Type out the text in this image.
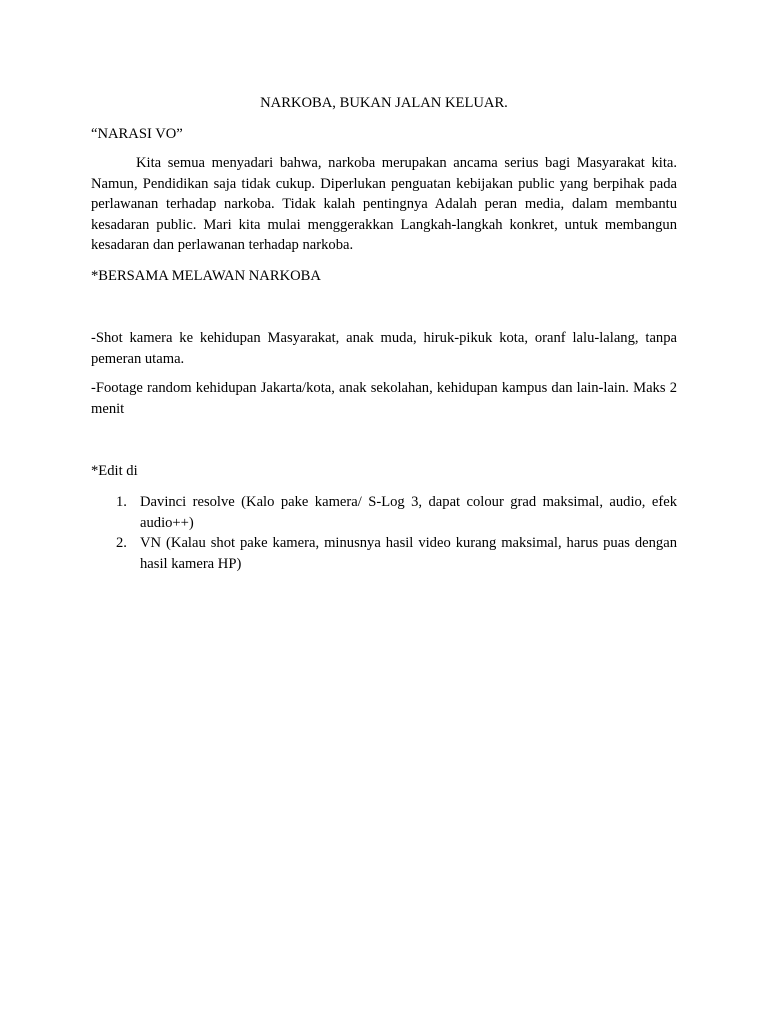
NARKOBA, BUKAN JALAN KELUAR.
“NARASI VO”
Kita semua menyadari bahwa, narkoba merupakan ancama serius bagi Masyarakat kita. Namun, Pendidikan saja tidak cukup. Diperlukan penguatan kebijakan public yang berpihak pada perlawanan terhadap narkoba. Tidak kalah pentingnya Adalah peran media, dalam membantu kesadaran public. Mari kita mulai menggerakkan Langkah-langkah konkret, untuk membangun kesadaran dan perlawanan terhadap narkoba.
*BERSAMA MELAWAN NARKOBA
-Shot kamera ke kehidupan Masyarakat, anak muda, hiruk-pikuk kota, oranf lalu-lalang, tanpa pemeran utama.
-Footage random kehidupan Jakarta/kota, anak sekolahan, kehidupan kampus dan lain-lain. Maks 2 menit
*Edit di
1. Davinci resolve (Kalo pake kamera/ S-Log 3, dapat colour grad maksimal, audio, efek audio++)
2. VN (Kalau shot pake kamera, minusnya hasil video kurang maksimal, harus puas dengan hasil kamera HP)
